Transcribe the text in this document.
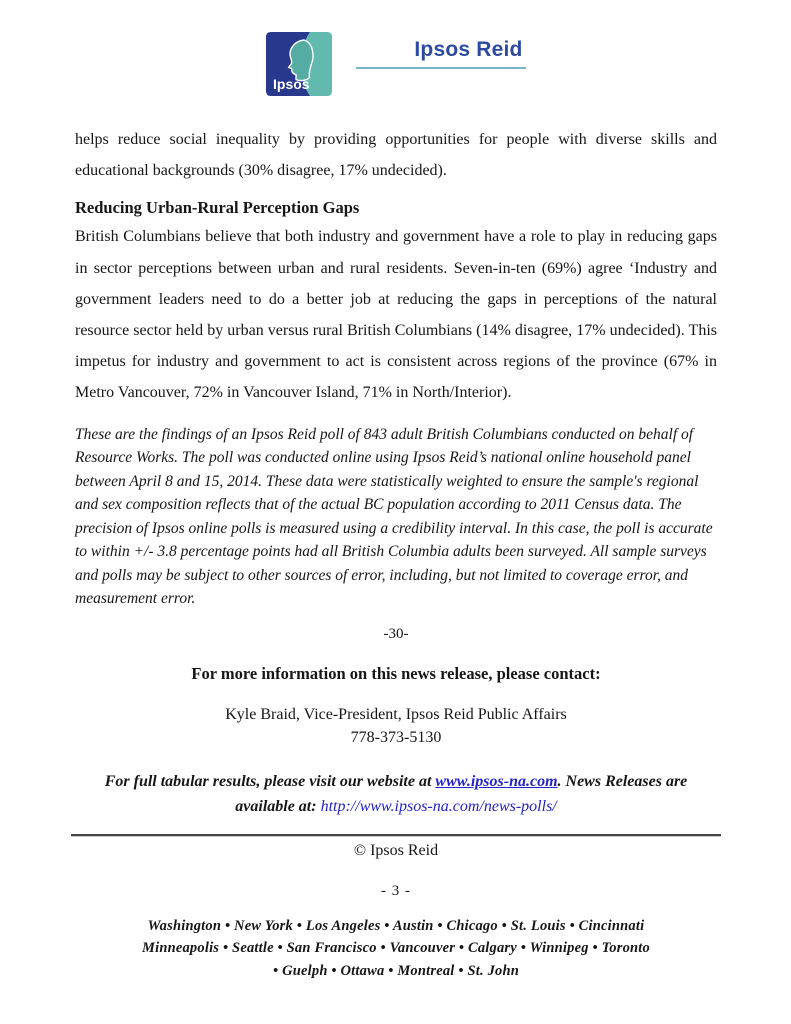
Ipsos
Ipsos Reid

helps reduce social inequality by providing opportunities for people with diverse skills and educational backgrounds (30% disagree, 17% undecided).

Reducing Urban-Rural Perception Gaps

British Columbians believe that both industry and government have a role to play in reducing gaps in sector perceptions between urban and rural residents. Seven-in-ten (69%) agree ‘Industry and government leaders need to do a better job at reducing the gaps in perceptions of the natural resource sector held by urban versus rural British Columbians (14% disagree, 17% undecided). This impetus for industry and government to act is consistent across regions of the province (67% in Metro Vancouver, 72% in Vancouver Island, 71% in North/Interior).

These are the findings of an Ipsos Reid poll of 843 adult British Columbians conducted on behalf of Resource Works. The poll was conducted online using Ipsos Reid’s national online household panel between April 8 and 15, 2014. These data were statistically weighted to ensure the sample's regional and sex composition reflects that of the actual BC population according to 2011 Census data. The precision of Ipsos online polls is measured using a credibility interval. In this case, the poll is accurate to within +/- 3.8 percentage points had all British Columbia adults been surveyed. All sample surveys and polls may be subject to other sources of error, including, but not limited to coverage error, and measurement error.

-30-

For more information on this news release, please contact:

Kyle Braid, Vice-President, Ipsos Reid Public Affairs
778-373-5130

For full tabular results, please visit our website at www.ipsos-na.com. News Releases are available at: http://www.ipsos-na.com/news-polls/

© Ipsos Reid

- 3 -

Washington • New York • Los Angeles • Austin • Chicago • St. Louis • Cincinnati
Minneapolis • Seattle • San Francisco • Vancouver • Calgary • Winnipeg • Toronto
• Guelph • Ottawa • Montreal • St. John
